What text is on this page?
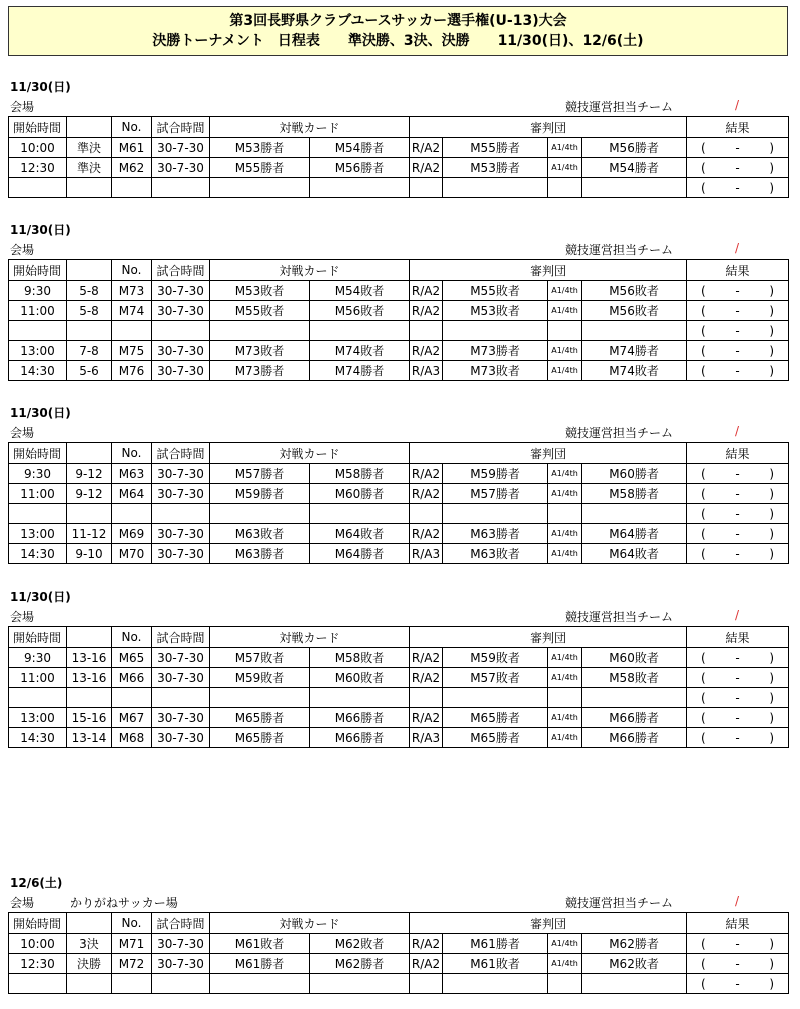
第3回長野県クラブユースサッカー選手権(U-13)大会
決勝トーナメント　日程表　　準決勝、3決、決勝　　11/30(日)、12/6(土)
11/30(日)
会場	競技運営担当チーム	/
開始時間		No.	試合時間	対戦カード		審判団				結果
10:00	準決	M61	30-7-30	M53勝者	M54勝者	R/A2	M55勝者	A1/4th	M56勝者	( - )

12:30	準決	M62	30-7-30	M55勝者	M56勝者	R/A2	M53勝者	A1/4th	M54勝者	( - )

										( - )
11/30(日)
会場	競技運営担当チーム	/
開始時間		No.	試合時間	対戦カード		審判団				結果
9:30	5-8	M73	30-7-30	M53敗者	M54敗者	R/A2	M55敗者	A1/4th	M56敗者	( - )

11:00	5-8	M74	30-7-30	M55敗者	M56敗者	R/A2	M53敗者	A1/4th	M56敗者	( - )

										( - )

13:00	7-8	M75	30-7-30	M73敗者	M74敗者	R/A2	M73勝者	A1/4th	M74勝者	( - )

14:30	5-6	M76	30-7-30	M73勝者	M74勝者	R/A3	M73敗者	A1/4th	M74敗者	( - )
11/30(日)
会場	競技運営担当チーム	/
開始時間		No.	試合時間	対戦カード		審判団				結果
9:30	9-12	M63	30-7-30	M57勝者	M58勝者	R/A2	M59勝者	A1/4th	M60勝者	( - )

11:00	9-12	M64	30-7-30	M59勝者	M60勝者	R/A2	M57勝者	A1/4th	M58勝者	( - )

										( - )

13:00	11-12	M69	30-7-30	M63敗者	M64敗者	R/A2	M63勝者	A1/4th	M64勝者	( - )

14:30	9-10	M70	30-7-30	M63勝者	M64勝者	R/A3	M63敗者	A1/4th	M64敗者	( - )
11/30(日)
会場	競技運営担当チーム	/
開始時間		No.	試合時間	対戦カード		審判団				結果
9:30	13-16	M65	30-7-30	M57敗者	M58敗者	R/A2	M59敗者	A1/4th	M60敗者	( - )

11:00	13-16	M66	30-7-30	M59敗者	M60敗者	R/A2	M57敗者	A1/4th	M58敗者	( - )

										( - )

13:00	15-16	M67	30-7-30	M65勝者	M66勝者	R/A2	M65勝者	A1/4th	M66勝者	( - )

14:30	13-14	M68	30-7-30	M65勝者	M66勝者	R/A3	M65勝者	A1/4th	M66勝者	( - )
12/6(土)
会場	かりがねサッカー場	競技運営担当チーム	/
開始時間		No.	試合時間	対戦カード		審判団				結果
10:00	3決	M71	30-7-30	M61敗者	M62敗者	R/A2	M61勝者	A1/4th	M62勝者	( - )

12:30	決勝	M72	30-7-30	M61勝者	M62勝者	R/A2	M61敗者	A1/4th	M62敗者	( - )

										( - )
